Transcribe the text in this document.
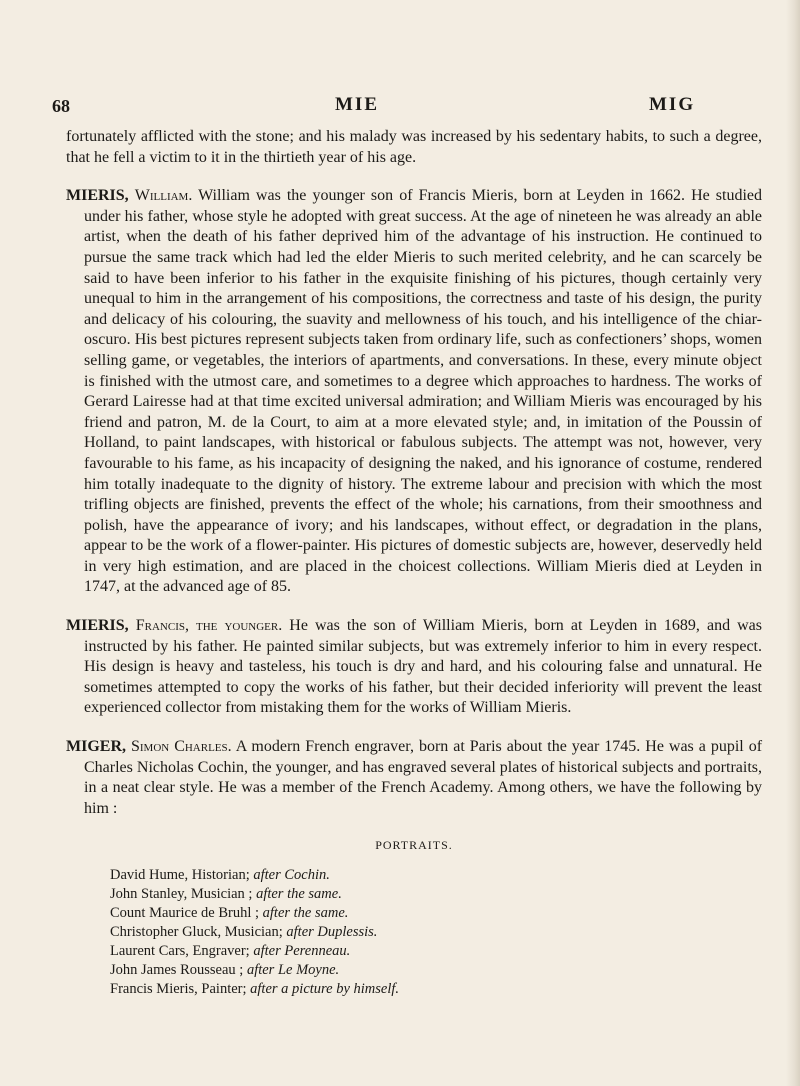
68	MIE	MIG

fortunately afflicted with the stone; and his malady was increased by his sedentary habits, to such a degree, that he fell a victim to it in the thirtieth year of his age.

MIERIS, William. William was the younger son of Francis Mieris, born at Leyden in 1662. He studied under his father, whose style he adopted with great success. At the age of nineteen he was already an able artist, when the death of his father deprived him of the advantage of his instruction. He continued to pursue the same track which had led the elder Mieris to such merited celebrity, and he can scarcely be said to have been inferior to his father in the exquisite finishing of his pictures, though certainly very unequal to him in the arrangement of his compositions, the correctness and taste of his design, the purity and delicacy of his colouring, the suavity and mellowness of his touch, and his intelligence of the chiar-oscuro. His best pictures represent subjects taken from ordinary life, such as confectioners’ shops, women selling game, or vegetables, the interiors of apartments, and conversations. In these, every minute object is finished with the utmost care, and sometimes to a degree which approaches to hardness. The works of Gerard Lairesse had at that time excited universal admiration; and William Mieris was encouraged by his friend and patron, M. de la Court, to aim at a more elevated style; and, in imitation of the Poussin of Holland, to paint landscapes, with historical or fabulous subjects. The attempt was not, however, very favourable to his fame, as his incapacity of designing the naked, and his ignorance of costume, rendered him totally inadequate to the dignity of history. The extreme labour and precision with which the most trifling objects are finished, prevents the effect of the whole; his carnations, from their smoothness and polish, have the appearance of ivory; and his landscapes, without effect, or degradation in the plans, appear to be the work of a flower-painter. His pictures of domestic subjects are, however, deservedly held in very high estimation, and are placed in the choicest collections. William Mieris died at Leyden in 1747, at the advanced age of 85.

MIERIS, Francis, the younger. He was the son of William Mieris, born at Leyden in 1689, and was instructed by his father. He painted similar subjects, but was extremely inferior to him in every respect. His design is heavy and tasteless, his touch is dry and hard, and his colouring false and unnatural. He sometimes attempted to copy the works of his father, but their decided inferiority will prevent the least experienced collector from mistaking them for the works of William Mieris.

MIGER, Simon Charles. A modern French engraver, born at Paris about the year 1745. He was a pupil of Charles Nicholas Cochin, the younger, and has engraved several plates of historical subjects and portraits, in a neat clear style. He was a member of the French Academy. Among others, we have the following by him :

PORTRAITS.

David Hume, Historian; after Cochin.
John Stanley, Musician ; after the same.
Count Maurice de Bruhl ; after the same.
Christopher Gluck, Musician; after Duplessis.
Laurent Cars, Engraver; after Perenneau.
John James Rousseau ; after Le Moyne.
Francis Mieris, Painter; after a picture by himself.
